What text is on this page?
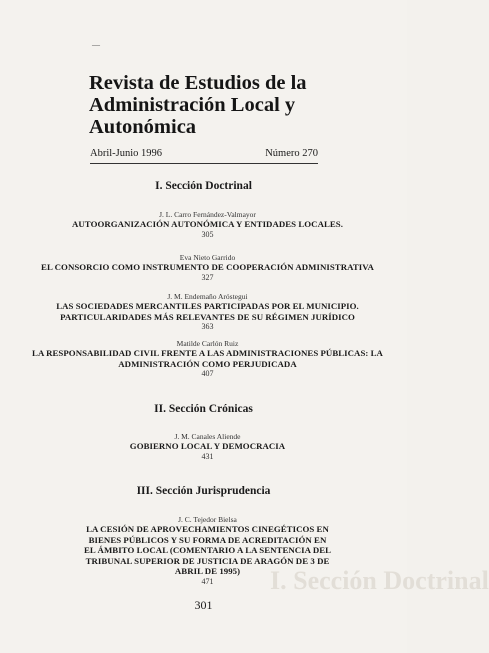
—
I. Sección Doctrinal
Revista de Estudios de la Administración Local y Autonómica
Abril-Junio 1996	Número 270
I. Sección Doctrinal
J. L. Carro Fernández-Valmayor
AUTOORGANIZACIÓN AUTONÓMICA Y ENTIDADES LOCALES.
305
Eva Nieto Garrido
EL CONSORCIO COMO INSTRUMENTO DE COOPERACIÓN ADMINISTRATIVA
327
J. M. Endemaño Aróstegui
LAS SOCIEDADES MERCANTILES PARTICIPADAS POR EL MUNICIPIO. PARTICULARIDADES MÁS RELEVANTES DE SU RÉGIMEN JURÍDICO
363
Matilde Carlón Ruiz
LA RESPONSABILIDAD CIVIL FRENTE A LAS ADMINISTRACIONES PÚBLICAS: LA ADMINISTRACIÓN COMO PERJUDICADA
407
II. Sección Crónicas
J. M. Canales Aliende
GOBIERNO LOCAL Y DEMOCRACIA
431
III. Sección Jurisprudencia
J. C. Tejedor Bielsa
LA CESIÓN DE APROVECHAMIENTOS CINEGÉTICOS EN BIENES PÚBLICOS Y SU FORMA DE ACREDITACIÓN EN EL ÁMBITO LOCAL (COMENTARIO A LA SENTENCIA DEL TRIBUNAL SUPERIOR DE JUSTICIA DE ARAGÓN DE 3 DE ABRIL DE 1995)
471
301
